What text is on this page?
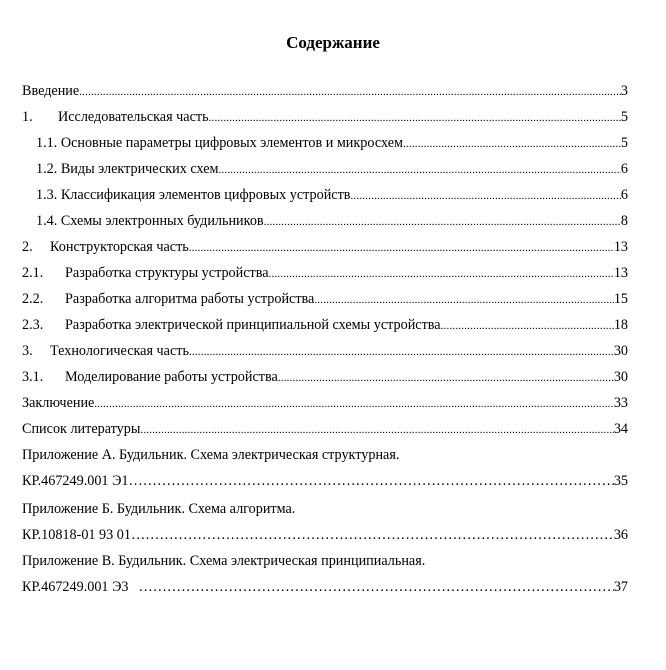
Содержание
Введение .....	3
1.	Исследовательская часть .....	5
1.1. Основные параметры цифровых элементов и микросхем .....	5
1.2. Виды электрических схем .....	6
1.3. Классификация элементов цифровых устройств .....	6
1.4. Схемы электронных будильников .....	8
2.	Конструкторская часть .....	13
2.1.	Разработка структуры устройства .....	13
2.2.	Разработка алгоритма работы устройства .....	15
2.3.	Разработка электрической принципиальной схемы устройства .....	18
3.	Технологическая часть .....	30
3.1.	Моделирование работы устройства .....	30
Заключение .....	33
Список литературы .....	34
Приложение А. Будильник. Схема электрическая структурная.
КР.467249.001 Э1 …………………………………………………………………………………………………………………………………………………………………………………………………………	35
Приложение Б. Будильник. Схема алгоритма.
КР.10818-01 93 01 …………………………………………………………………………………………………………………………………………………………………………………………………………	36
Приложение В. Будильник. Схема электрическая принципиальная.
КР.467249.001 Э3 …………………………………………………………………………………………………………………………………………………………………………………………………………	37
